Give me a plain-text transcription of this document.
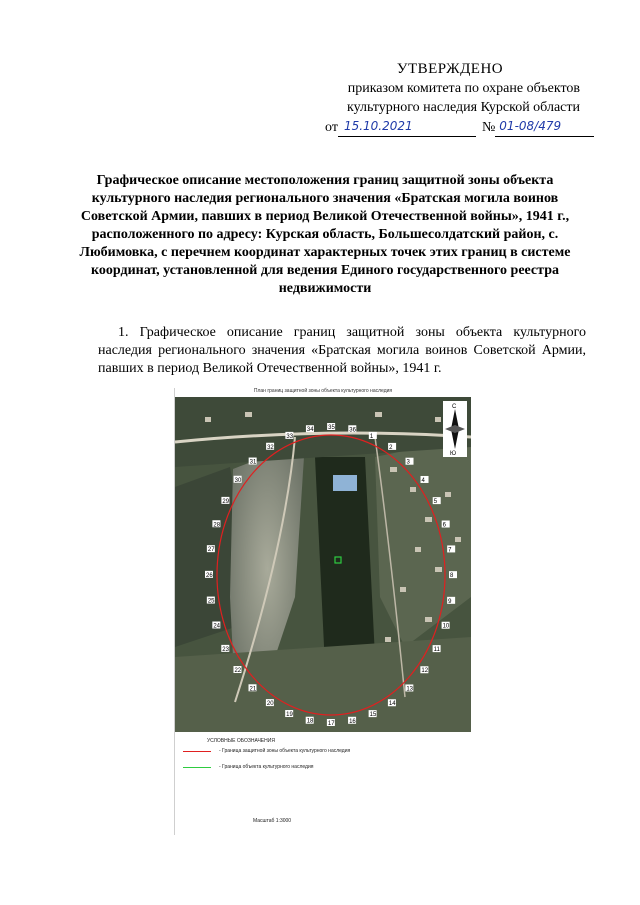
УТВЕРЖДЕНО
приказом комитета по охране объектов
культурного наследия Курской области
от 15.10.2021	№ 01-08/479
Графическое описание местоположения границ защитной зоны объекта культурного наследия регионального значения «Братская могила воинов Советской Армии, павших в период Великой Отечественной войны», 1941 г., расположенного по адресу: Курская область, Большесолдатский район, с. Любимовка, с перечнем координат характерных точек этих границ в системе координат, установленной для ведения Единого государственного реестра недвижимости
1. Графическое описание границ защитной зоны объекта культурного наследия регионального значения «Братская могила воинов Советской Армии, павших в период Великой Отечественной войны», 1941 г.
План границ защитной зоны объекта культурного наследия
С
Ю
1
2
3
4
5
6
7
8
9
10
11
12
13
14
15
16
17
18
19
20
21
22
23
24
25
26
27
28
29
30
31
32
33
34 35 36
УСЛОВНЫЕ ОБОЗНАЧЕНИЯ
- Граница защитной зоны объекта культурного наследия
- Граница объекта культурного наследия
Масштаб 1:3000
